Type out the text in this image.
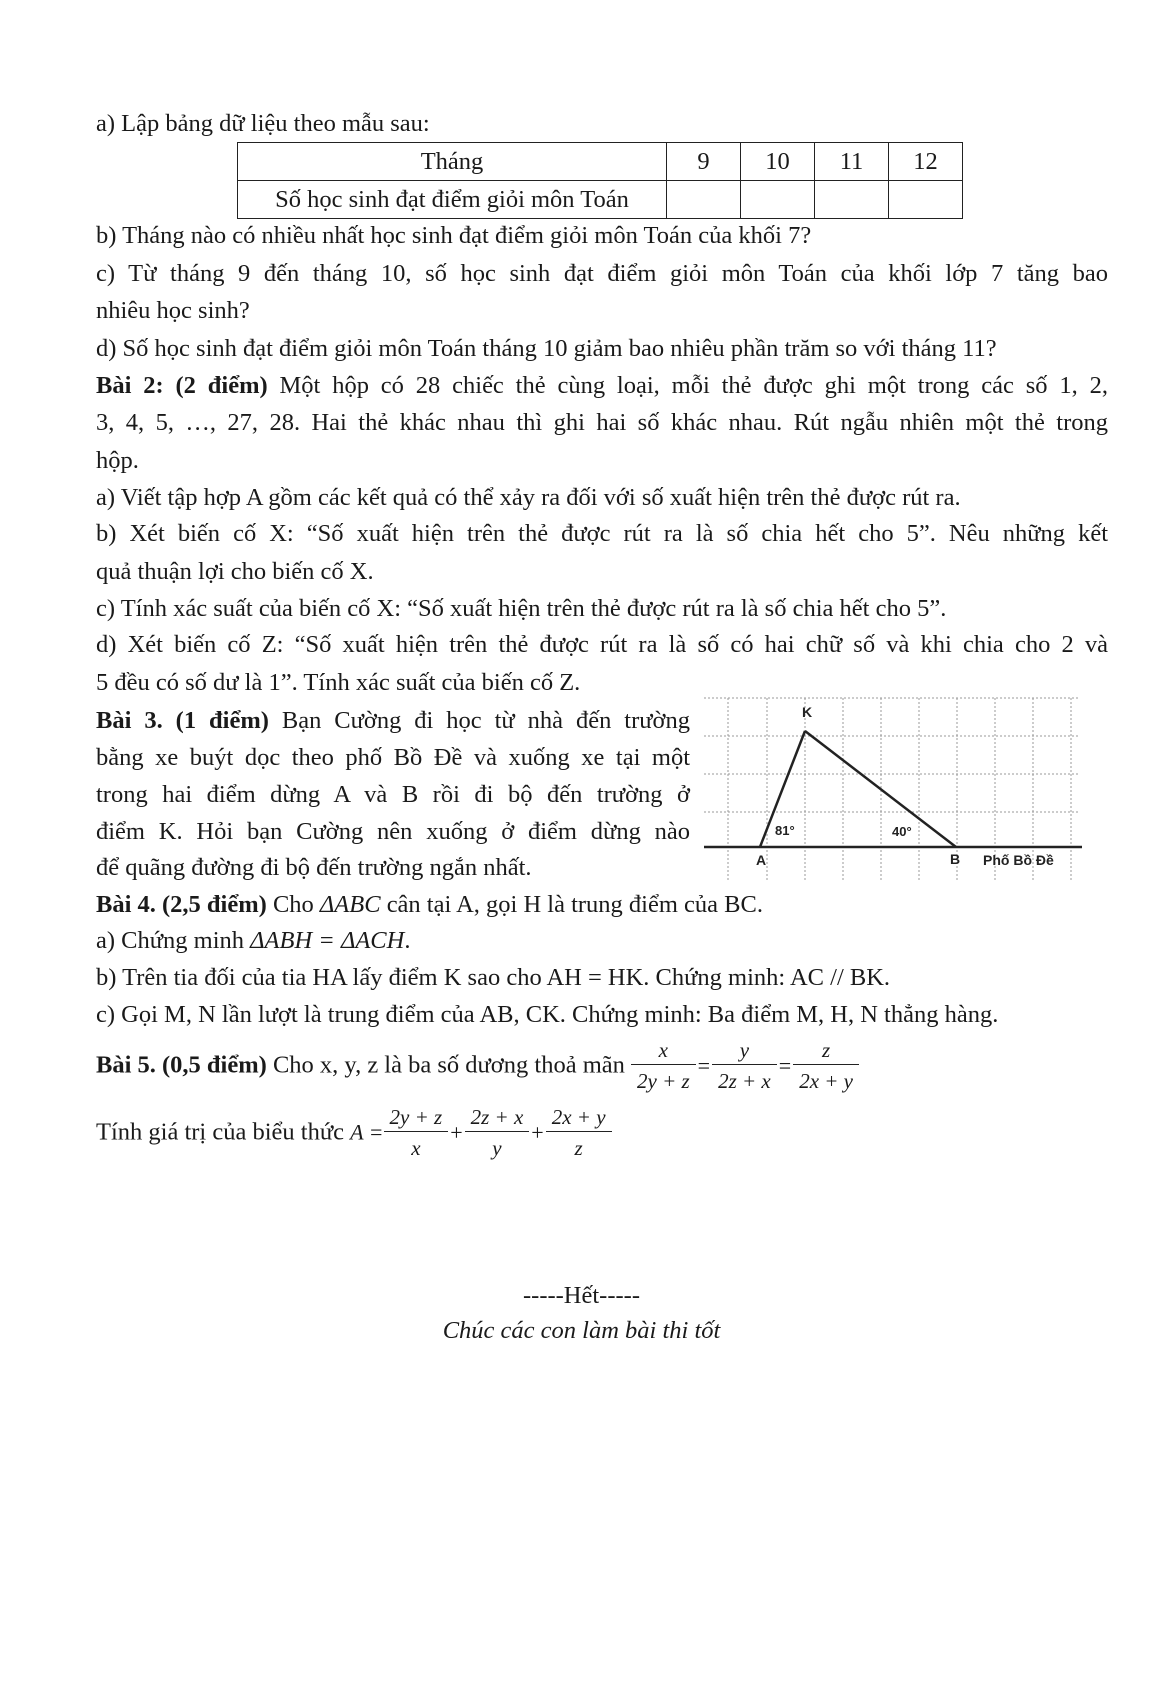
a) Lập bảng dữ liệu theo mẫu sau:
Tháng	9	10	11	12
Số học sinh đạt điểm giỏi môn Toán				
b) Tháng nào có nhiều nhất học sinh đạt điểm giỏi môn Toán của khối 7?
c) Từ tháng 9 đến tháng 10, số học sinh đạt điểm giỏi môn Toán của khối lớp 7 tăng bao
nhiêu học sinh?
d) Số học sinh đạt điểm giỏi môn Toán tháng 10 giảm bao nhiêu phần trăm so với tháng 11?
Bài 2: (2 điểm) Một hộp có 28 chiếc thẻ cùng loại, mỗi thẻ được ghi một trong các số 1, 2,
3, 4, 5, …, 27, 28. Hai thẻ khác nhau thì ghi hai số khác nhau. Rút ngẫu nhiên một thẻ trong
hộp.
a) Viết tập hợp A gồm các kết quả có thể xảy ra đối với số xuất hiện trên thẻ được rút ra.
b) Xét biến cố X: “Số xuất hiện trên thẻ được rút ra là số chia hết cho 5”. Nêu những kết
quả thuận lợi cho biến cố X.
c) Tính xác suất của biến cố X: “Số xuất hiện trên thẻ được rút ra là số chia hết cho 5”.
d) Xét biến cố Z: “Số xuất hiện trên thẻ được rút ra là số có hai chữ số và khi chia cho 2 và
5 đều có số dư là 1”. Tính xác suất của biến cố Z.
Bài 3. (1 điểm) Bạn Cường đi học từ nhà đến trường
bằng xe buýt dọc theo phố Bồ Đề và xuống xe tại một
trong hai điểm dừng A và B rồi đi bộ đến trường ở
điểm K. Hỏi bạn Cường nên xuống ở điểm dừng nào
để quãng đường đi bộ đến trường ngắn nhất.
K
A	B
81°	40°
Phố Bồ Đề
Bài 4. (2,5 điểm) Cho ΔABC cân tại A, gọi H là trung điểm của BC.
a) Chứng minh ΔABH = ΔACH.
b) Trên tia đối của tia HA lấy điểm K sao cho AH = HK. Chứng minh: AC // BK.
c) Gọi M, N lần lượt là trung điểm của AB, CK. Chứng minh: Ba điểm M, H, N thẳng hàng.
Bài 5. (0,5 điểm) Cho x, y, z là ba số dương thoả mãn $\frac{x}{2y + z} = \frac{y}{2z + x} = \frac{z}{2x + y}$
Tính giá trị của biểu thức $A = \frac{2y + z}{x} + \frac{2z + x}{y} + \frac{2x + y}{z}$
-----Hết-----
Chúc các con làm bài thi tốt
